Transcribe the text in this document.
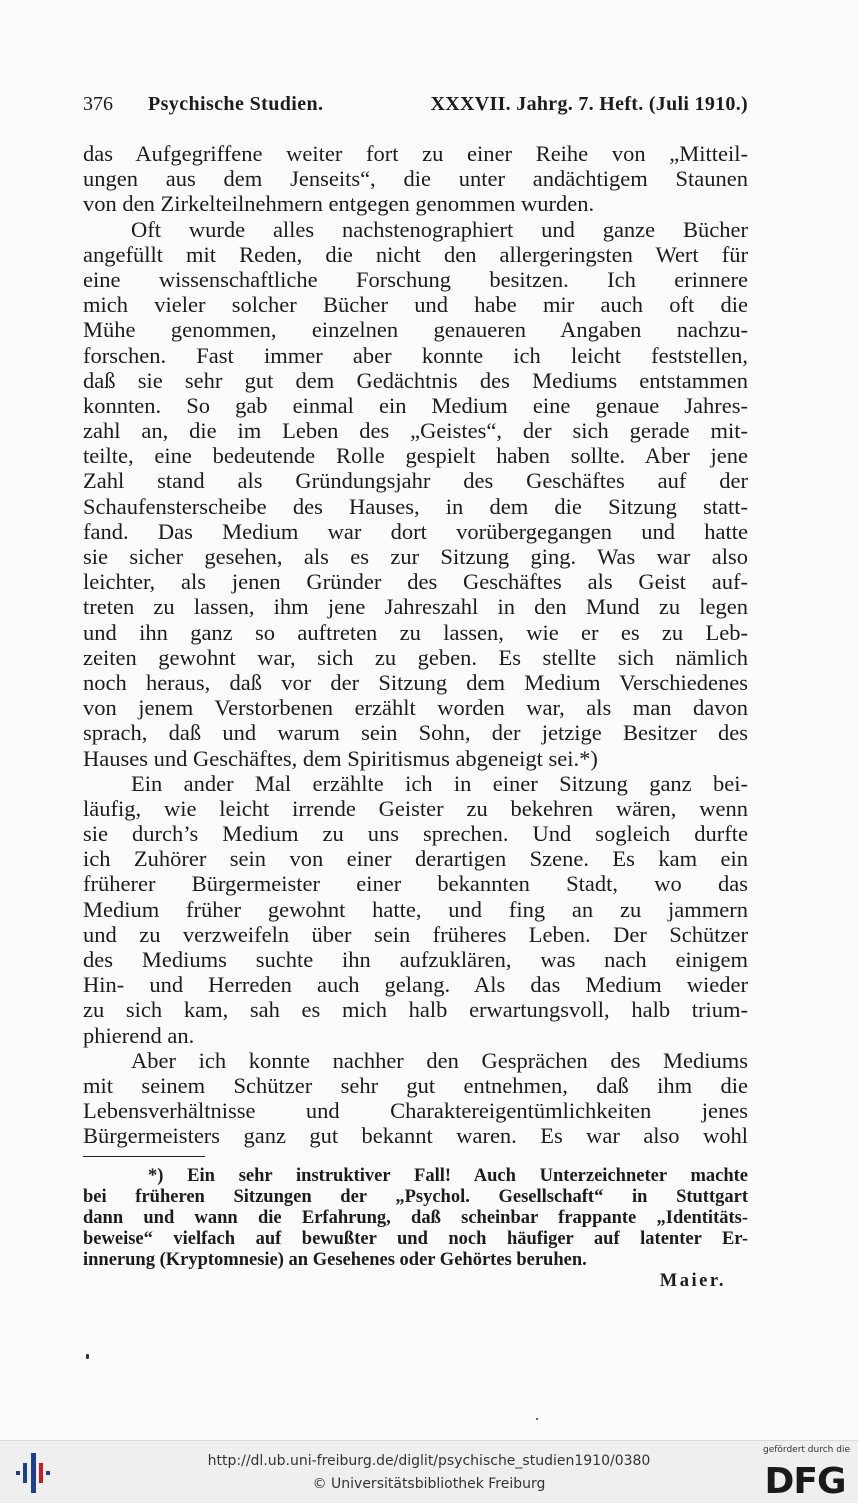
376 Psychische Studien.	XXXVII. Jahrg. 7. Heft. (Juli 1910.)
das Aufgegriffene weiter fort zu einer Reihe von „Mitteil-
ungen aus dem Jenseits“, die unter andächtigem Staunen
von den Zirkelteilnehmern entgegen genommen wurden.
Oft wurde alles nachstenographiert und ganze Bücher
angefüllt mit Reden, die nicht den allergeringsten Wert für
eine wissenschaftliche Forschung besitzen. Ich erinnere
mich vieler solcher Bücher und habe mir auch oft die
Mühe genommen, einzelnen genaueren Angaben nachzu-
forschen. Fast immer aber konnte ich leicht feststellen,
daß sie sehr gut dem Gedächtnis des Mediums entstammen
konnten. So gab einmal ein Medium eine genaue Jahres-
zahl an, die im Leben des „Geistes“, der sich gerade mit-
teilte, eine bedeutende Rolle gespielt haben sollte. Aber jene
Zahl stand als Gründungsjahr des Geschäftes auf der
Schaufensterscheibe des Hauses, in dem die Sitzung statt-
fand. Das Medium war dort vorübergegangen und hatte
sie sicher gesehen, als es zur Sitzung ging. Was war also
leichter, als jenen Gründer des Geschäftes als Geist auf-
treten zu lassen, ihm jene Jahreszahl in den Mund zu legen
und ihn ganz so auftreten zu lassen, wie er es zu Leb-
zeiten gewohnt war, sich zu geben. Es stellte sich nämlich
noch heraus, daß vor der Sitzung dem Medium Verschiedenes
von jenem Verstorbenen erzählt worden war, als man davon
sprach, daß und warum sein Sohn, der jetzige Besitzer des
Hauses und Geschäftes, dem Spiritismus abgeneigt sei.*)
Ein ander Mal erzählte ich in einer Sitzung ganz bei-
läufig, wie leicht irrende Geister zu bekehren wären, wenn
sie durch’s Medium zu uns sprechen. Und sogleich durfte
ich Zuhörer sein von einer derartigen Szene. Es kam ein
früherer Bürgermeister einer bekannten Stadt, wo das
Medium früher gewohnt hatte, und fing an zu jammern
und zu verzweifeln über sein früheres Leben. Der Schützer
des Mediums suchte ihn aufzuklären, was nach einigem
Hin- und Herreden auch gelang. Als das Medium wieder
zu sich kam, sah es mich halb erwartungsvoll, halb trium-
phierend an.
Aber ich konnte nachher den Gesprächen des Mediums
mit seinem Schützer sehr gut entnehmen, daß ihm die
Lebensverhältnisse und Charaktereigentümlichkeiten jenes
Bürgermeisters ganz gut bekannt waren. Es war also wohl
*) Ein sehr instruktiver Fall! Auch Unterzeichneter machte
bei früheren Sitzungen der „Psychol. Gesellschaft“ in Stuttgart
dann und wann die Erfahrung, daß scheinbar frappante „Identitäts-
beweise“ vielfach auf bewußter und noch häufiger auf latenter Er-
innerung (Kryptomnesie) an Gesehenes oder Gehörtes beruhen.
Maier.
http://dl.ub.uni-freiburg.de/diglit/psychische_studien1910/0380
© Universitätsbibliothek Freiburg
gefördert durch die
DFG
